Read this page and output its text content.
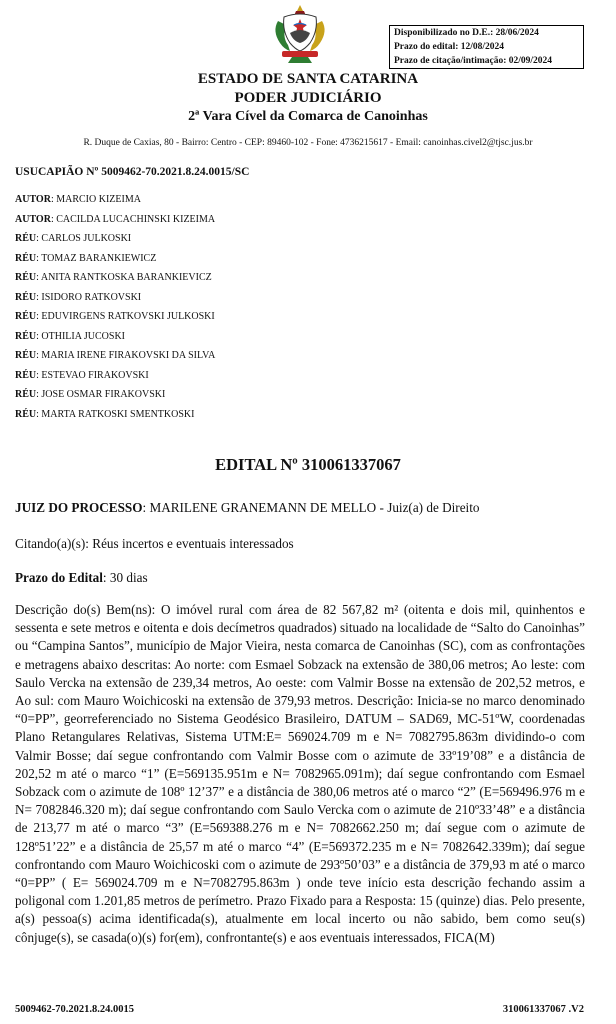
Disponibilizado no D.E.: 28/06/2024
Prazo do edital: 12/08/2024
Prazo de citação/intimação: 02/09/2024
ESTADO DE SANTA CATARINA
PODER JUDICIÁRIO
2ª Vara Cível da Comarca de Canoinhas
R. Duque de Caxias, 80 - Bairro: Centro - CEP: 89460-102 - Fone: 4736215617 - Email: canoinhas.civel2@tjsc.jus.br
USUCAPIÃO Nº 5009462-70.2021.8.24.0015/SC
AUTOR: MARCIO KIZEIMA
AUTOR: CACILDA LUCACHINSKI KIZEIMA
RÉU: CARLOS JULKOSKI
RÉU: TOMAZ BARANKIEWICZ
RÉU: ANITA RANTKOSKA BARANKIEVICZ
RÉU: ISIDORO RATKOVSKI
RÉU: EDUVIRGENS RATKOVSKI JULKOSKI
RÉU: OTHILIA JUCOSKI
RÉU: MARIA IRENE FIRAKOVSKI DA SILVA
RÉU: ESTEVAO FIRAKOVSKI
RÉU: JOSE OSMAR FIRAKOVSKI
RÉU: MARTA RATKOSKI SMENTKOSKI
EDITAL Nº 310061337067
JUIZ DO PROCESSO: MARILENE GRANEMANN DE MELLO - Juiz(a) de Direito
Citando(a)(s): Réus incertos e eventuais interessados
Prazo do Edital: 30 dias
Descrição do(s) Bem(ns): O imóvel rural com área de 82 567,82 m² (oitenta e dois mil, quinhentos e sessenta e sete metros e oitenta e dois decímetros quadrados) situado na localidade de “Salto do Canoinhas” ou “Campina Santos”, município de Major Vieira, nesta comarca de Canoinhas (SC), com as confrontações e metragens abaixo descritas: Ao norte: com Esmael Sobzack na extensão de 380,06 metros; Ao leste: com Saulo Vercka na extensão de 239,34 metros, Ao oeste: com Valmir Bosse na extensão de 202,52 metros, e Ao sul: com Mauro Woichicoski na extensão de 379,93 metros. Descrição: Inicia-se no marco denominado “0=PP”, georreferenciado no Sistema Geodésico Brasileiro, DATUM – SAD69, MC-51ºW, coordenadas Plano Retangulares Relativas, Sistema UTM:E= 569024.709 m e N= 7082795.863m dividindo-o com Valmir Bosse; daí segue confrontando com Valmir Bosse com o azimute de 33º19’08” e a distância de 202,52 m até o marco “1” (E=569135.951m e N= 7082965.091m); daí segue confrontando com Esmael Sobzack com o azimute de 108º 12’37” e a distância de 380,06 metros até o marco “2” (E=569496.976 m e N= 7082846.320 m); daí segue confrontando com Saulo Vercka com o azimute de 210º33’48” e a distância de 213,77 m até o marco “3” (E=569388.276 m e N= 7082662.250 m; daí segue com o azimute de 128º51’22” e a distância de 25,57 m até o marco “4” (E=569372.235 m e N= 7082642.339m); daí segue confrontando com Mauro Woichicoski com o azimute de 293º50’03” e a distância de 379,93 m até o marco “0=PP” ( E= 569024.709 m e N=7082795.863m ) onde teve início esta descrição fechando assim a poligonal com 1.201,85 metros de perímetro. Prazo Fixado para a Resposta: 15 (quinze) dias. Pelo presente, a(s) pessoa(s) acima identificada(s), atualmente em local incerto ou não sabido, bem como seu(s) cônjuge(s), se casada(o)(s) for(em), confrontante(s) e aos eventuais interessados, FICA(M)
5009462-70.2021.8.24.0015	310061337067 .V2
